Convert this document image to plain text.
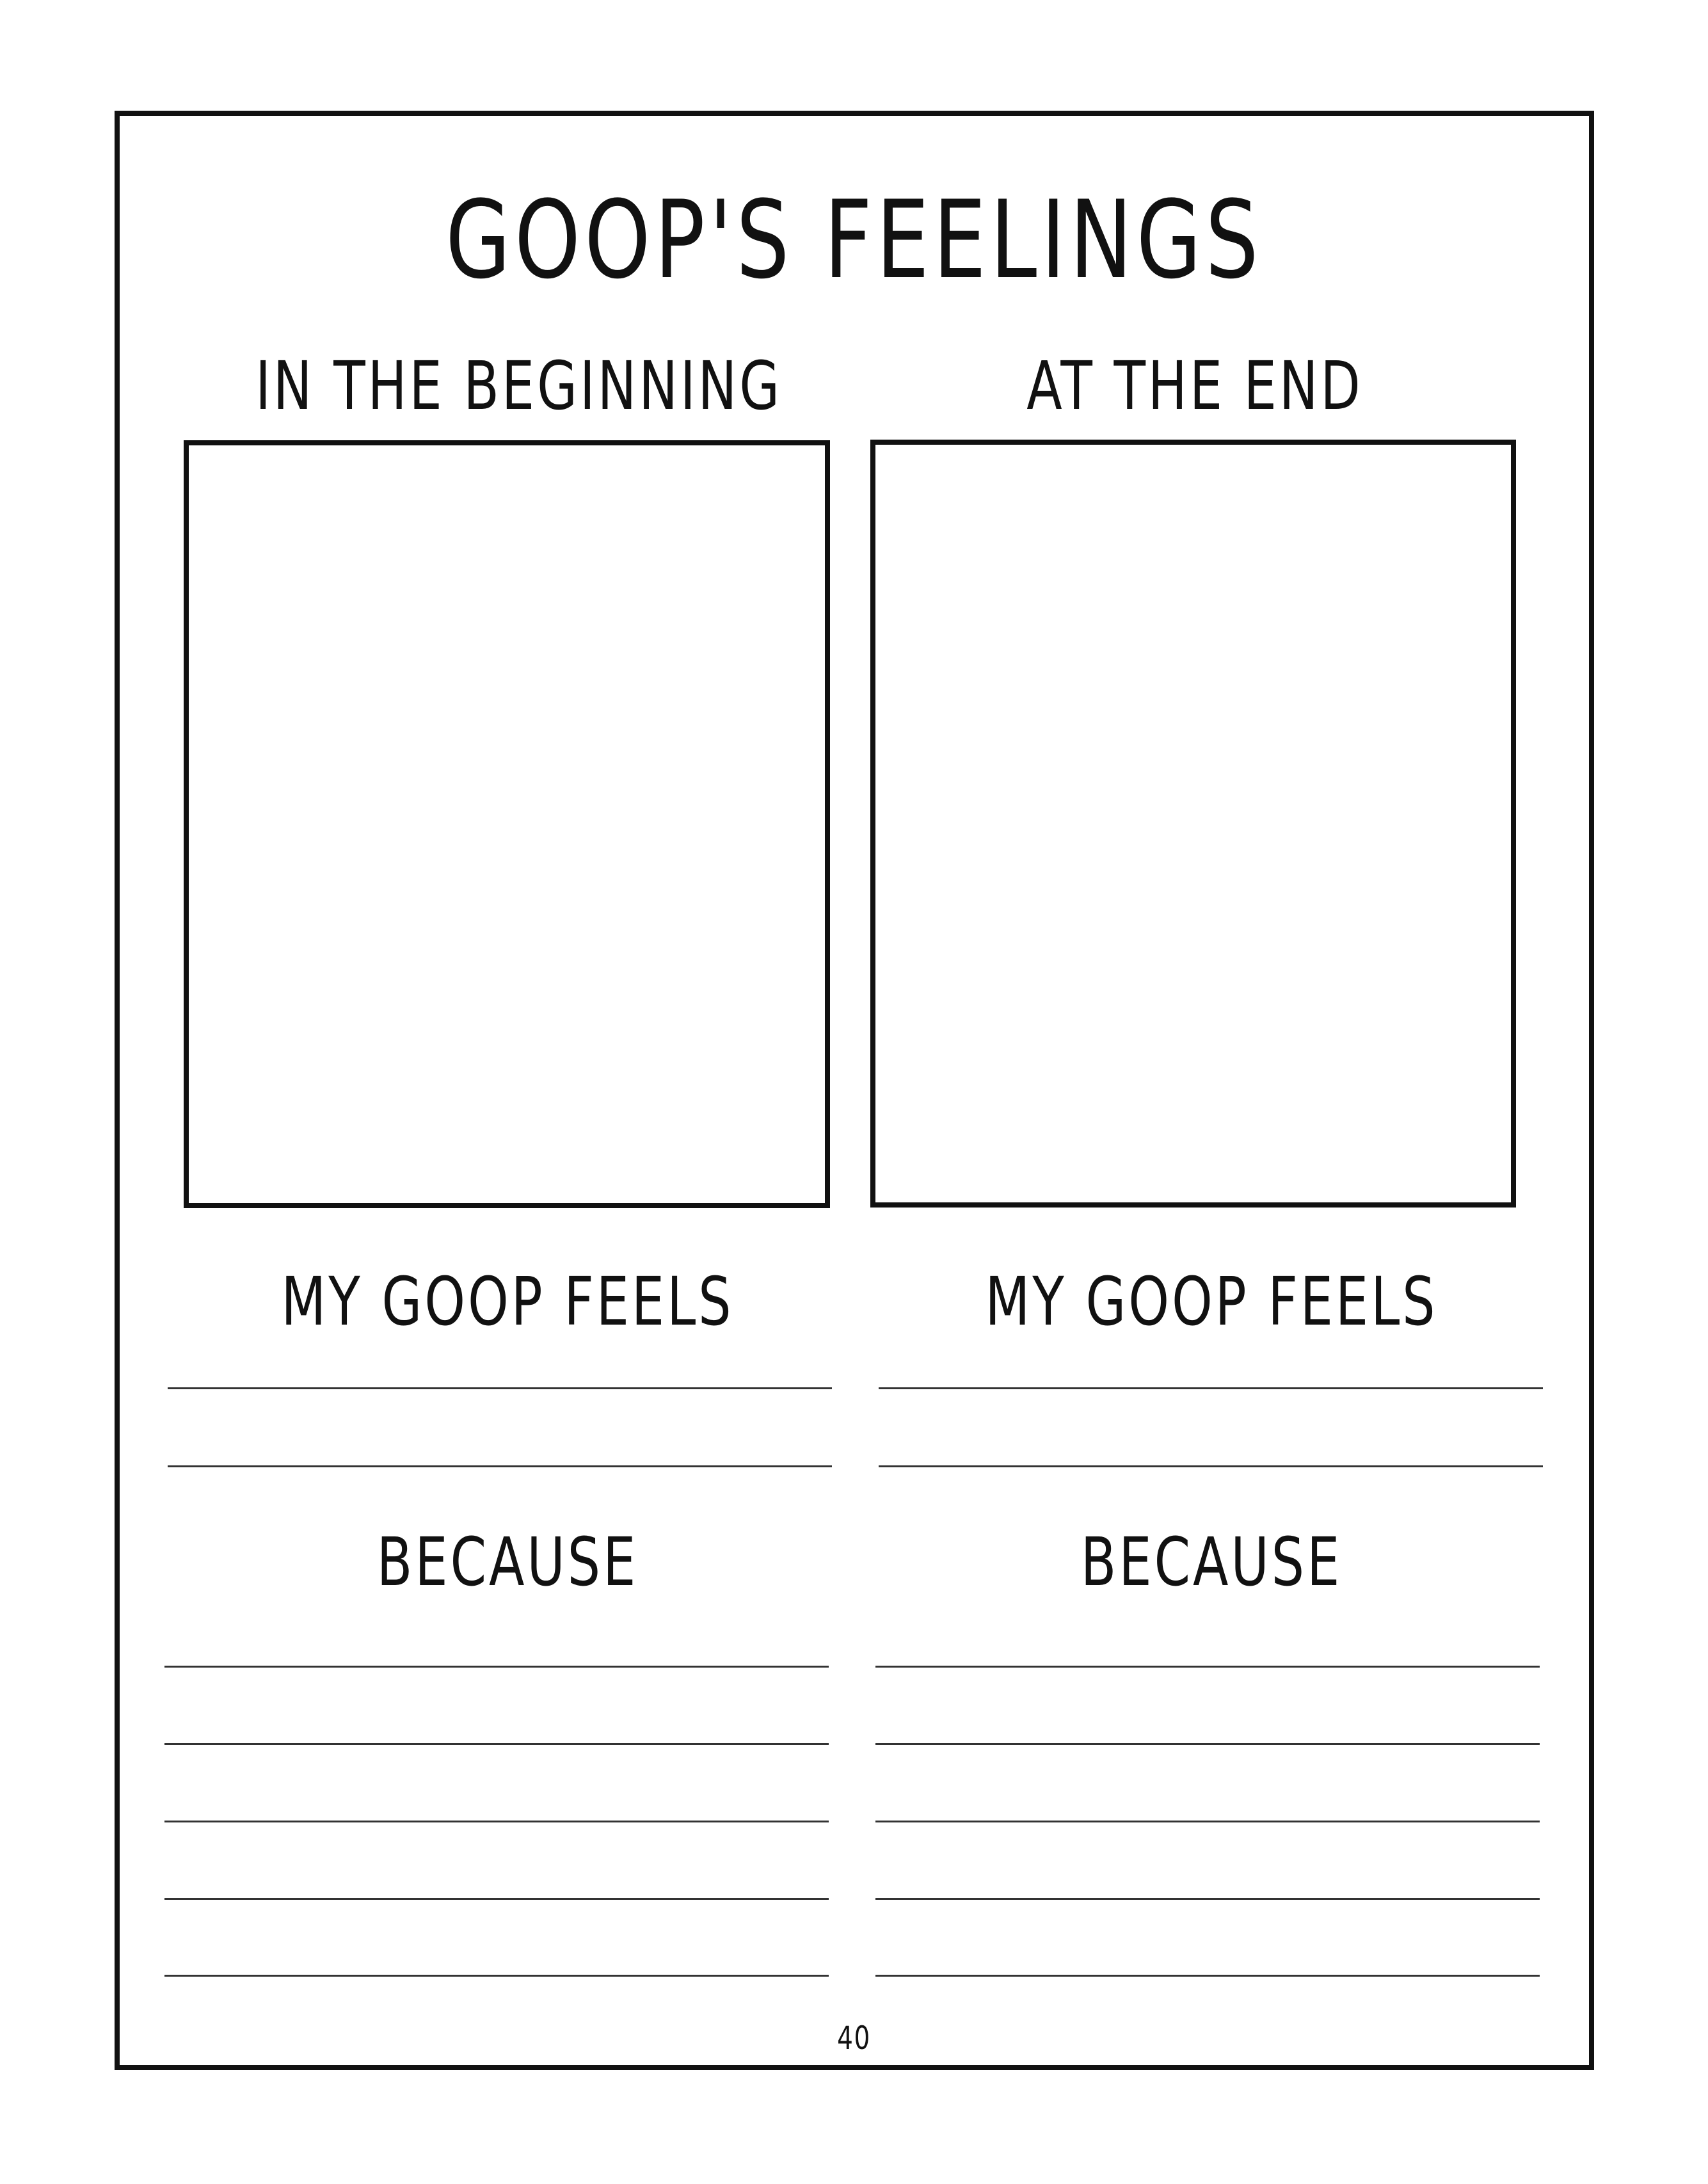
GOOP'S FEELINGS
IN THE BEGINNING
MY GOOP FEELS
BECAUSE
AT THE END
MY GOOP FEELS
BECAUSE
40
